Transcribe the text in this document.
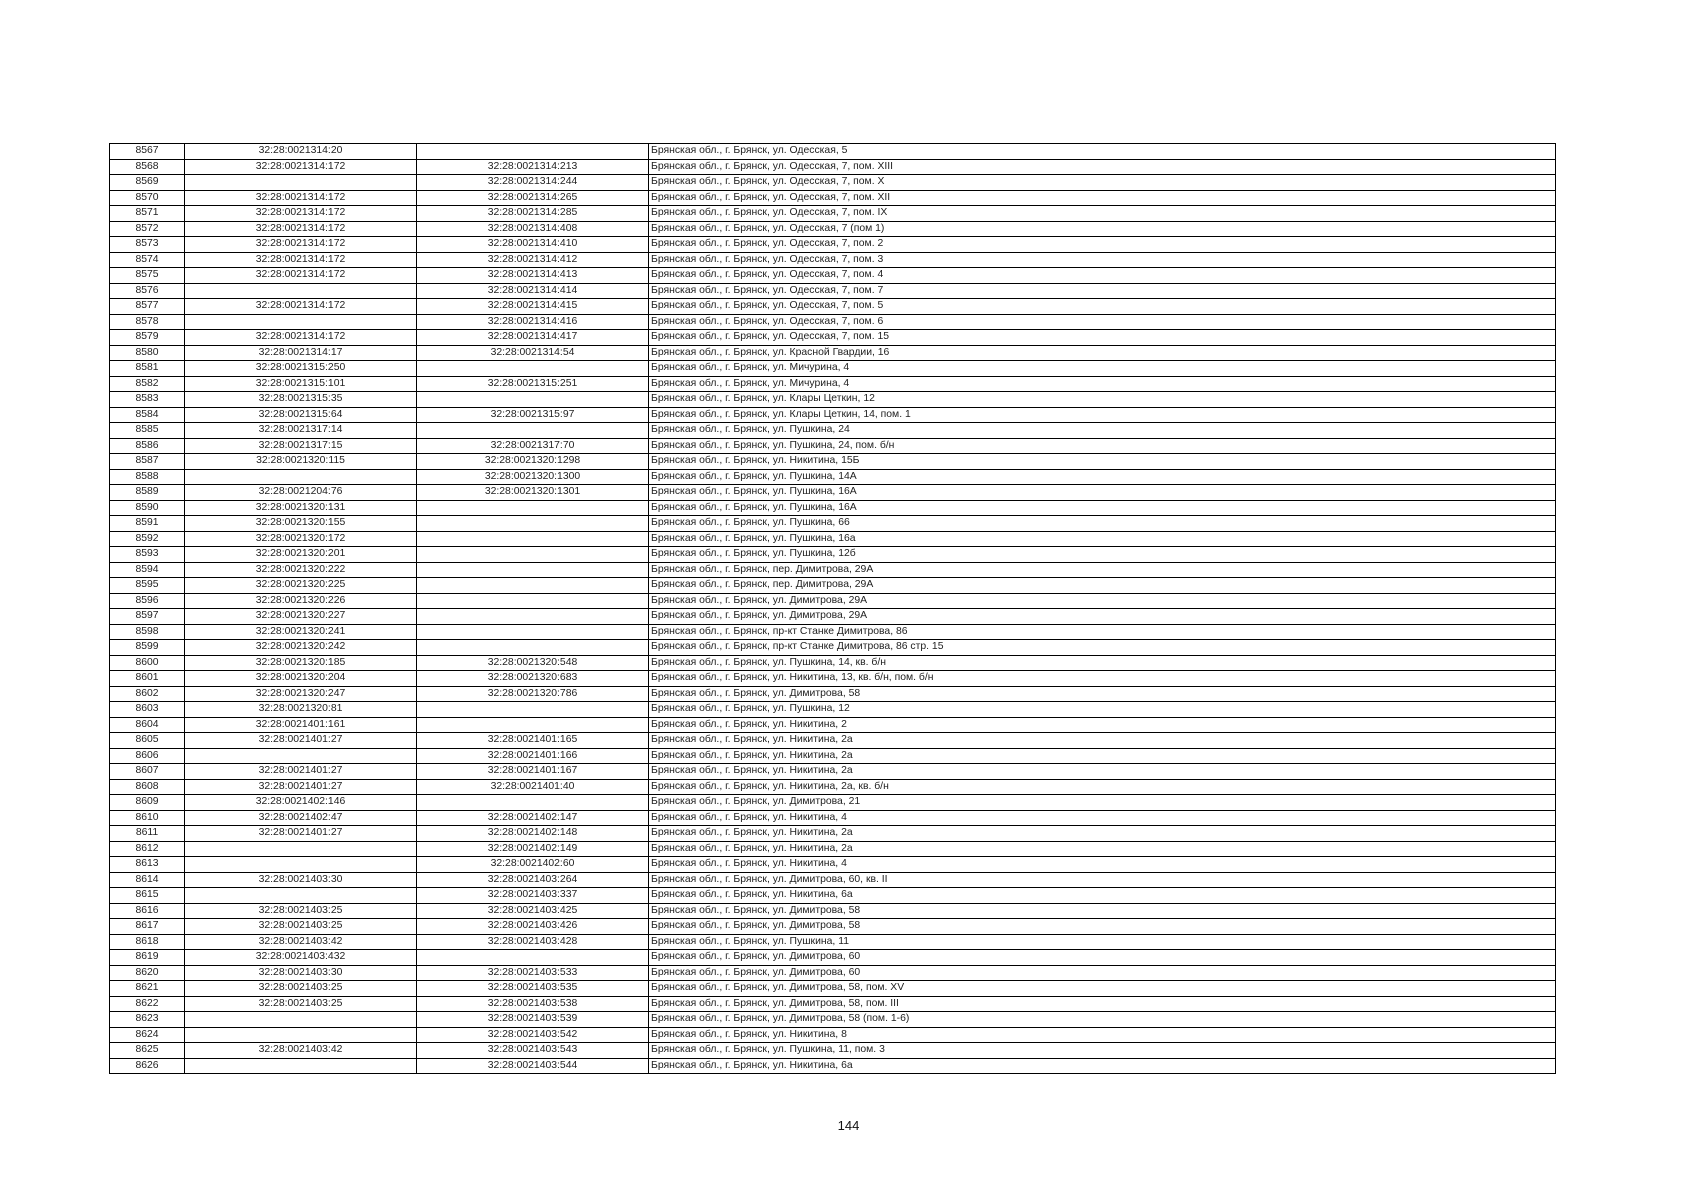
8567	32:28:0021314:20		Брянская обл., г. Брянск, ул. Одесская, 5
8568	32:28:0021314:172	32:28:0021314:213	Брянская обл., г. Брянск, ул. Одесская, 7, пом. XIII
8569		32:28:0021314:244	Брянская обл., г. Брянск, ул. Одесская, 7, пом. X
8570	32:28:0021314:172	32:28:0021314:265	Брянская обл., г. Брянск, ул. Одесская, 7, пом. XII
8571	32:28:0021314:172	32:28:0021314:285	Брянская обл., г. Брянск, ул. Одесская, 7, пом. IX
8572	32:28:0021314:172	32:28:0021314:408	Брянская обл., г. Брянск, ул. Одесская, 7 (пом 1)
8573	32:28:0021314:172	32:28:0021314:410	Брянская обл., г. Брянск, ул. Одесская, 7, пом. 2
8574	32:28:0021314:172	32:28:0021314:412	Брянская обл., г. Брянск, ул. Одесская, 7, пом. 3
8575	32:28:0021314:172	32:28:0021314:413	Брянская обл., г. Брянск, ул. Одесская, 7, пом. 4
8576		32:28:0021314:414	Брянская обл., г. Брянск, ул. Одесская, 7, пом. 7
8577	32:28:0021314:172	32:28:0021314:415	Брянская обл., г. Брянск, ул. Одесская, 7, пом. 5
8578		32:28:0021314:416	Брянская обл., г. Брянск, ул. Одесская, 7, пом. 6
8579	32:28:0021314:172	32:28:0021314:417	Брянская обл., г. Брянск, ул. Одесская, 7, пом. 15
8580	32:28:0021314:17	32:28:0021314:54	Брянская обл., г. Брянск, ул. Красной Гвардии, 16
8581	32:28:0021315:250		Брянская обл., г. Брянск, ул. Мичурина, 4
8582	32:28:0021315:101	32:28:0021315:251	Брянская обл., г. Брянск, ул. Мичурина, 4
8583	32:28:0021315:35		Брянская обл., г. Брянск, ул. Клары Цеткин, 12
8584	32:28:0021315:64	32:28:0021315:97	Брянская обл., г. Брянск, ул. Клары Цеткин, 14, пом. 1
8585	32:28:0021317:14		Брянская обл., г. Брянск, ул. Пушкина, 24
8586	32:28:0021317:15	32:28:0021317:70	Брянская обл., г. Брянск, ул. Пушкина, 24, пом. б/н
8587	32:28:0021320:115	32:28:0021320:1298	Брянская обл., г. Брянск, ул. Никитина, 15Б
8588		32:28:0021320:1300	Брянская обл., г. Брянск, ул. Пушкина, 14А
8589	32:28:0021204:76	32:28:0021320:1301	Брянская обл., г. Брянск, ул. Пушкина, 16А
8590	32:28:0021320:131		Брянская обл., г. Брянск, ул. Пушкина, 16А
8591	32:28:0021320:155		Брянская обл., г. Брянск, ул. Пушкина, 66
8592	32:28:0021320:172		Брянская обл., г. Брянск, ул. Пушкина, 16а
8593	32:28:0021320:201		Брянская обл., г. Брянск, ул. Пушкина, 12б
8594	32:28:0021320:222		Брянская обл., г. Брянск, пер. Димитрова, 29А
8595	32:28:0021320:225		Брянская обл., г. Брянск, пер. Димитрова, 29А
8596	32:28:0021320:226		Брянская обл., г. Брянск, ул. Димитрова, 29А
8597	32:28:0021320:227		Брянская обл., г. Брянск, ул. Димитрова, 29А
8598	32:28:0021320:241		Брянская обл., г. Брянск, пр-кт Станке Димитрова, 86
8599	32:28:0021320:242		Брянская обл., г. Брянск, пр-кт Станке Димитрова, 86 стр. 15
8600	32:28:0021320:185	32:28:0021320:548	Брянская обл., г. Брянск, ул. Пушкина, 14, кв. б/н
8601	32:28:0021320:204	32:28:0021320:683	Брянская обл., г. Брянск, ул. Никитина, 13, кв. б/н, пом. б/н
8602	32:28:0021320:247	32:28:0021320:786	Брянская обл., г. Брянск, ул. Димитрова, 58
8603	32:28:0021320:81		Брянская обл., г. Брянск, ул. Пушкина, 12
8604	32:28:0021401:161		Брянская обл., г. Брянск, ул. Никитина, 2
8605	32:28:0021401:27	32:28:0021401:165	Брянская обл., г. Брянск, ул. Никитина, 2а
8606		32:28:0021401:166	Брянская обл., г. Брянск, ул. Никитина, 2а
8607	32:28:0021401:27	32:28:0021401:167	Брянская обл., г. Брянск, ул. Никитина, 2а
8608	32:28:0021401:27	32:28:0021401:40	Брянская обл., г. Брянск, ул. Никитина, 2а, кв. б/н
8609	32:28:0021402:146		Брянская обл., г. Брянск, ул. Димитрова, 21
8610	32:28:0021402:47	32:28:0021402:147	Брянская обл., г. Брянск, ул. Никитина, 4
8611	32:28:0021401:27	32:28:0021402:148	Брянская обл., г. Брянск, ул. Никитина, 2а
8612		32:28:0021402:149	Брянская обл., г. Брянск, ул. Никитина, 2а
8613		32:28:0021402:60	Брянская обл., г. Брянск, ул. Никитина, 4
8614	32:28:0021403:30	32:28:0021403:264	Брянская обл., г. Брянск, ул. Димитрова, 60, кв. II
8615		32:28:0021403:337	Брянская обл., г. Брянск, ул. Никитина, 6а
8616	32:28:0021403:25	32:28:0021403:425	Брянская обл., г. Брянск, ул. Димитрова, 58
8617	32:28:0021403:25	32:28:0021403:426	Брянская обл., г. Брянск, ул. Димитрова, 58
8618	32:28:0021403:42	32:28:0021403:428	Брянская обл., г. Брянск, ул. Пушкина, 11
8619	32:28:0021403:432		Брянская обл., г. Брянск, ул. Димитрова, 60
8620	32:28:0021403:30	32:28:0021403:533	Брянская обл., г. Брянск, ул. Димитрова, 60
8621	32:28:0021403:25	32:28:0021403:535	Брянская обл., г. Брянск, ул. Димитрова, 58, пом. XV
8622	32:28:0021403:25	32:28:0021403:538	Брянская обл., г. Брянск, ул. Димитрова, 58, пом. III
8623		32:28:0021403:539	Брянская обл., г. Брянск, ул. Димитрова, 58 (пом. 1-6)
8624		32:28:0021403:542	Брянская обл., г. Брянск, ул. Никитина, 8
8625	32:28:0021403:42	32:28:0021403:543	Брянская обл., г. Брянск, ул. Пушкина, 11, пом. 3
8626		32:28:0021403:544	Брянская обл., г. Брянск, ул. Никитина, 6а
144
